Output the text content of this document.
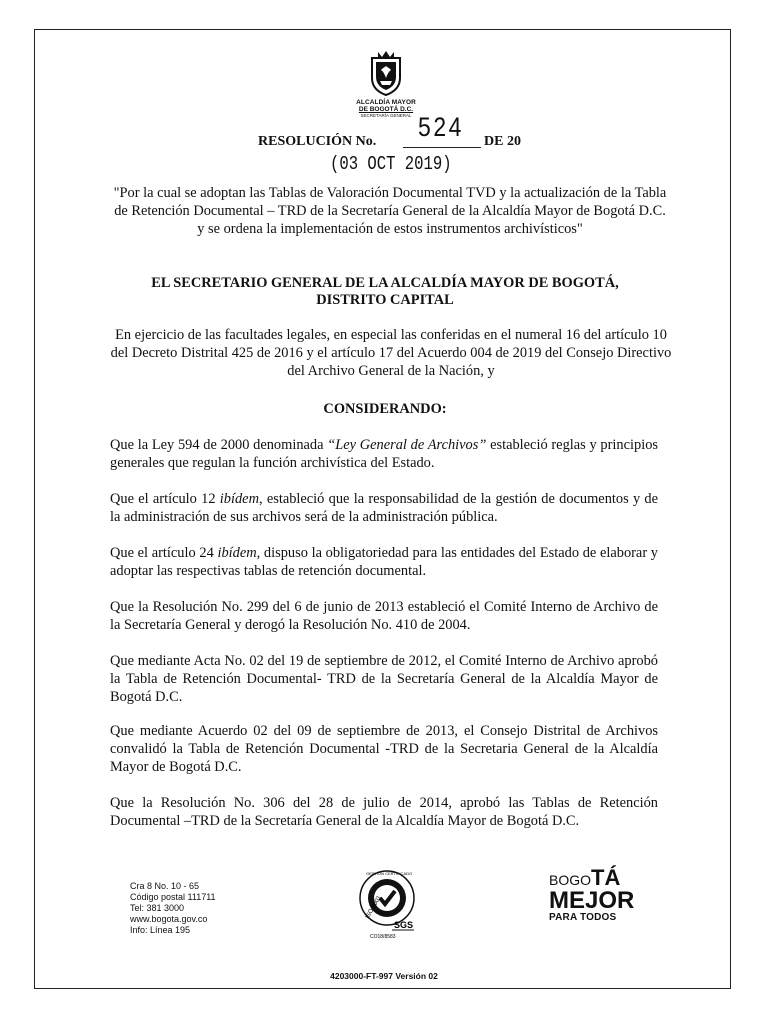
ALCALDÍA MAYOR
DE BOGOTÁ D.C.
SECRETARÍA GENERAL
RESOLUCIÓN No. 524 DE 20
(03 OCT 2019)
"Por la cual se adoptan las Tablas de Valoración Documental TVD y la actualización de la Tabla de Retención Documental – TRD de la Secretaría General de la Alcaldía Mayor de Bogotá D.C. y se ordena la implementación de estos instrumentos archivísticos"
EL SECRETARIO GENERAL DE LA ALCALDÍA MAYOR DE BOGOTÁ,
DISTRITO CAPITAL
En ejercicio de las facultades legales, en especial las conferidas en el numeral 16 del artículo 10 del Decreto Distrital 425 de 2016 y el artículo 17 del Acuerdo 004 de 2019 del Consejo Directivo del Archivo General de la Nación, y
CONSIDERANDO:
Que la Ley 594 de 2000 denominada “Ley General de Archivos” estableció reglas y principios generales que regulan la función archivística del Estado.
Que el artículo 12 ibídem, estableció que la responsabilidad de la gestión de documentos y de la administración de sus archivos será de la administración pública.
Que el artículo 24 ibídem, dispuso la obligatoriedad para las entidades del Estado de elaborar y adoptar las respectivas tablas de retención documental.
Que la Resolución No. 299 del 6 de junio de 2013 estableció el Comité Interno de Archivo de la Secretaría General y derogó la Resolución No. 410 de 2004.
Que mediante Acta No. 02 del 19 de septiembre de 2012, el Comité Interno de Archivo aprobó la Tabla de Retención Documental- TRD de la Secretaría General de la Alcaldía Mayor de Bogotá D.C.
Que mediante Acuerdo 02 del 09 de septiembre de 2013, el Consejo Distrital de Archivos convalidó la Tabla de Retención Documental -TRD de la Secretaria General de la Alcaldía Mayor de Bogotá D.C.
Que la Resolución No. 306 del 28 de julio de 2014, aprobó las Tablas de Retención Documental –TRD de la Secretaría General de la Alcaldía Mayor de Bogotá D.C.
Cra 8 No. 10 - 65
Código postal 111711
Tel: 381 3000
www.bogota.gov.co
Info: Línea 195
ISO 9001
GESTIÓN CERTIFICADO
SGS
CO18/8583
BOGOTÁ
MEJOR
PARA TODOS
4203000-FT-997 Versión 02
